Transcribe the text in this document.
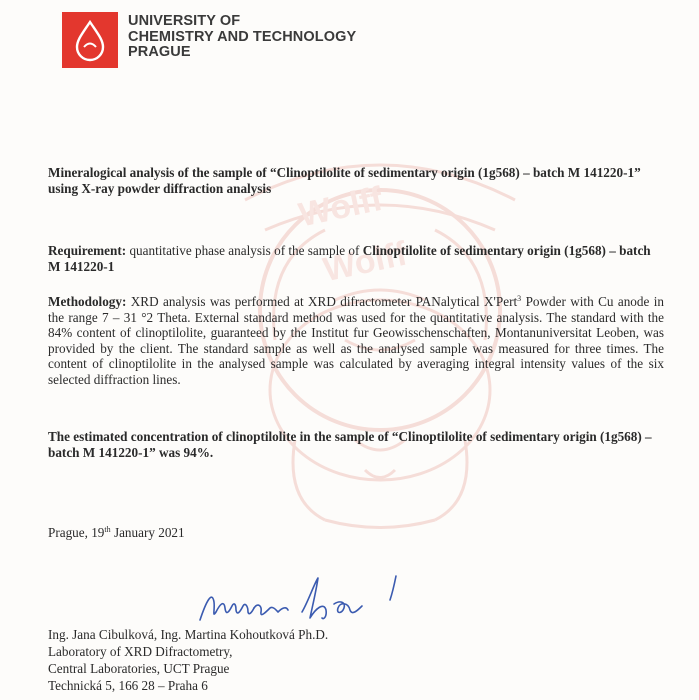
Wolff
Wolff
UNIVERSITY OF
CHEMISTRY AND TECHNOLOGY
PRAGUE
Mineralogical analysis of the sample of “Clinoptilolite of sedimentary origin (1g568) – batch M 141220-1” using X-ray powder diffraction analysis
Requirement: quantitative phase analysis of the sample of Clinoptilolite of sedimentary origin (1g568) – batch M 141220-1
Methodology: XRD analysis was performed at XRD difractometer PANalytical X'Pert$^3$ Powder with Cu anode in the range 7 – 31 °2 Theta. External standard method was used for the quantitative analysis. The standard with the 84% content of clinoptilolite, guaranteed by the Institut fur Geowisschenschaften, Montanuniversitat Leoben, was provided by the client. The standard sample as well as the analysed sample was measured for three times. The content of clinoptilolite in the analysed sample was calculated by averaging integral intensity values of the six selected diffraction lines.
The estimated concentration of clinoptilolite in the sample of “Clinoptilolite of sedimentary origin (1g568) – batch M 141220-1” was 94%.
Prague, 19th January 2021
Ing. Jana Cibulková, Ing. Martina Kohoutková Ph.D.
Laboratory of XRD Difractometry,
Central Laboratories, UCT Prague
Technická 5, 166 28 – Praha 6
